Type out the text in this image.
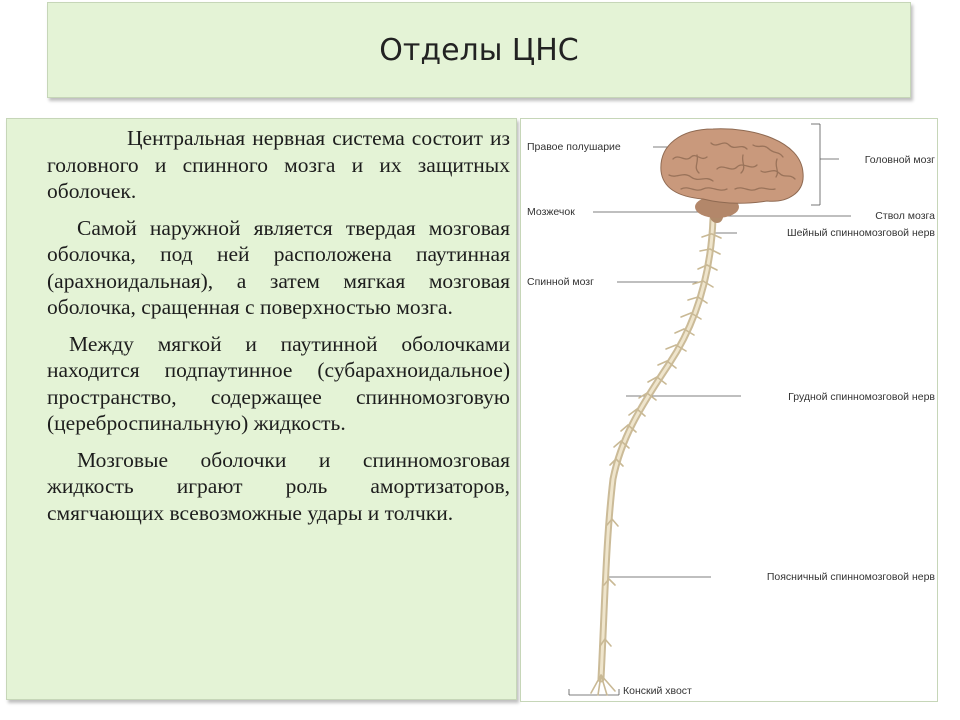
Отделы ЦНС

Центральная нервная система состоит из головного и спинного мозга и их защитных оболочек.

Самой наружной является твердая мозговая оболочка, под ней расположена паутинная (арахноидальная), а затем мягкая мозговая оболочка, сращенная с поверхностью мозга.

Между мягкой и паутинной оболочками находится подпаутинное (субарахноидальное) пространство, содержащее спинномозговую (цереброспинальную) жидкость.

Мозговые оболочки и спинномозговая жидкость играют роль амортизаторов, смягчающих всевозможные удары и толчки.

Правое полушарие
Мозжечок
Спинной мозг
Головной мозг
Ствол мозга
Шейный спинномозговой нерв
Грудной спинномозговой нерв
Поясничный спинномозговой нерв
Конский хвост
